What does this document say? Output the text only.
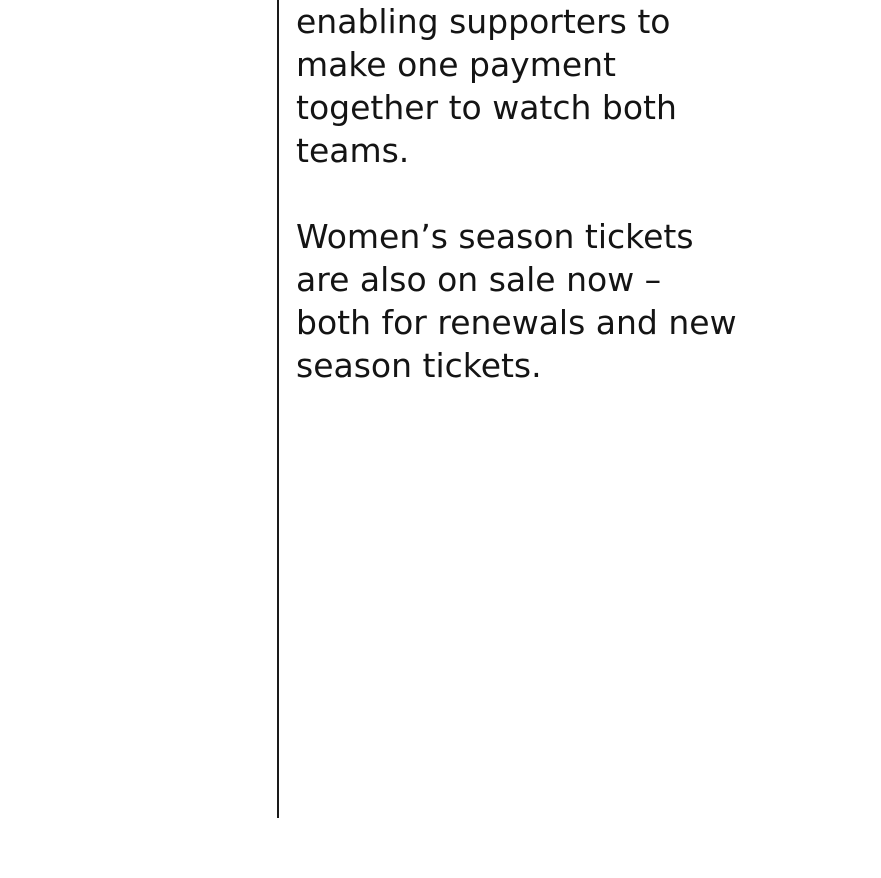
enabling supporters to
make one payment
together to watch both
teams.
Women’s season tickets
are also on sale now –
both for renewals and new
season tickets.
